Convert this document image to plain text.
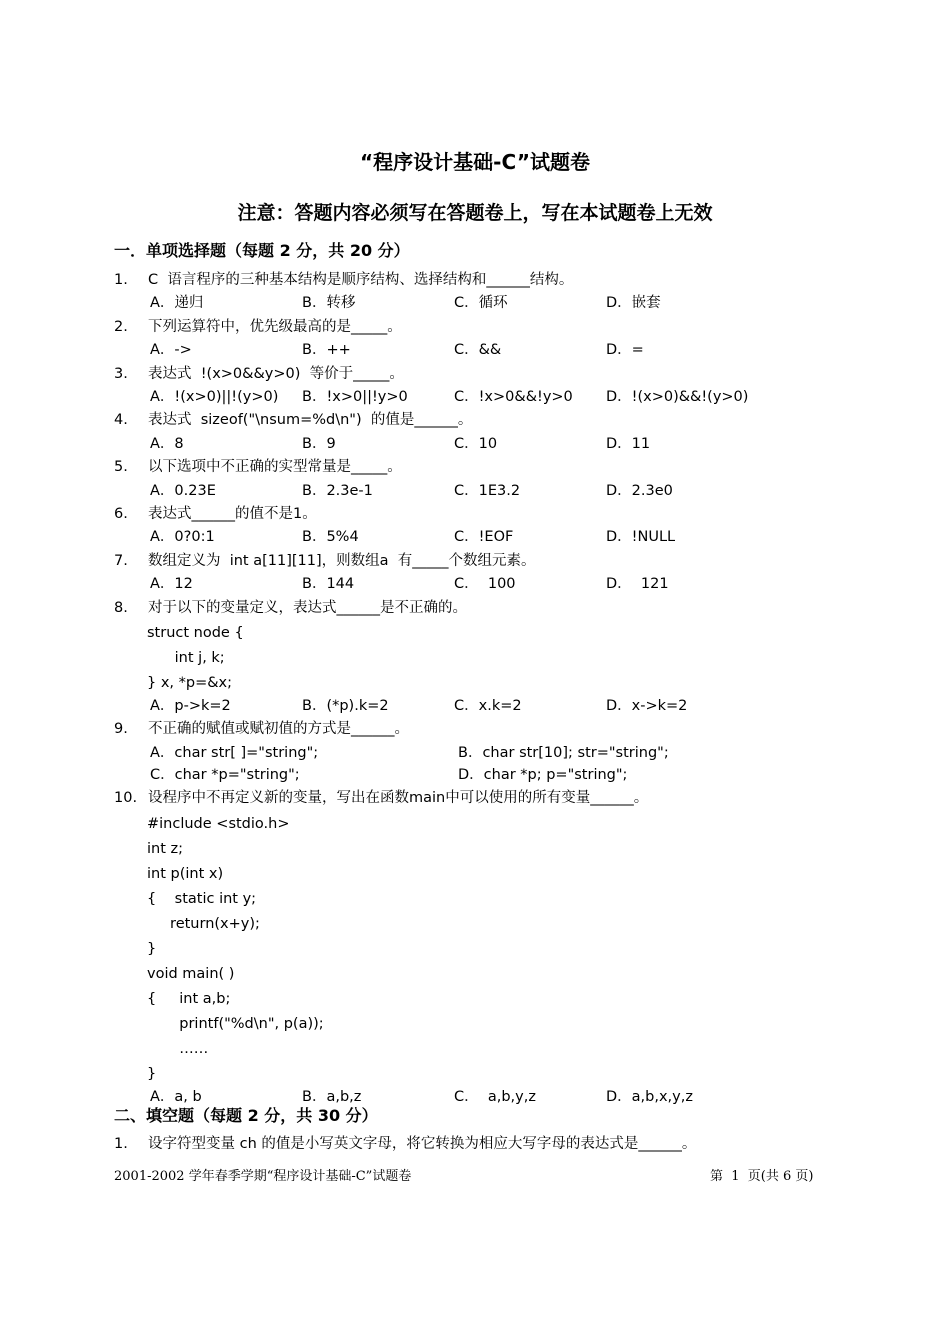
“程序设计基础-C”试题卷
注意：答题内容必须写在答题卷上，写在本试题卷上无效
一．单项选择题（每题 2 分，共 20 分）
1. C  语言程序的三种基本结构是顺序结构、选择结构和______结构。
A．递归	B．转移	C．循环	D．嵌套
2. 下列运算符中，优先级最高的是_____。
A．->	B．++	C．&&	D．=
3. 表达式  !(x>0&&y>0)  等价于_____。
A．!(x>0)||!(y>0) B．!x>0||!y>0	C．!x>0&&!y>0 D．!(x>0)&&!(y>0)
4. 表达式  sizeof("\nsum=%d\n")  的值是______。
A．8	B．9	C．10	D．11
5. 以下选项中不正确的实型常量是_____。
A．0.23E	B．2.3e-1	C．1E3.2	D．2.3e0
6. 表达式______的值不是1。
A．0?0:1	B．5%4	C．!EOF	D．!NULL
7. 数组定义为  int a[11][11]，则数组a  有_____个数组元素。
A．12	B．144	C．  100	D．  121
8. 对于以下的变量定义，表达式______是不正确的。
struct node {
int j, k;
} x, *p=&x;
A．p->k=2	B．(*p).k=2	C．x.k=2	D．x->k=2
9. 不正确的赋值或赋初值的方式是______。
A．char str[ ]="string";	B．char str[10]; str="string";
C．char *p="string";	D．char *p; p="string";
10. 设程序中不再定义新的变量，写出在函数main中可以使用的所有变量______。
#include <stdio.h>
int z;
int p(int x)
{    static int y;
return(x+y);
}
void main( )
{     int a,b;
printf("%d\n", p(a));
……
}
A．a, b	B．a,b,z	C．  a,b,y,z	D．a,b,x,y,z
二、填空题（每题 2 分，共 30 分）
1. 设字符型变量 ch 的值是小写英文字母，将它转换为相应大写字母的表达式是______。
2001-2002 学年春季学期“程序设计基础-C”试题卷	第  1  页(共 6 页)
